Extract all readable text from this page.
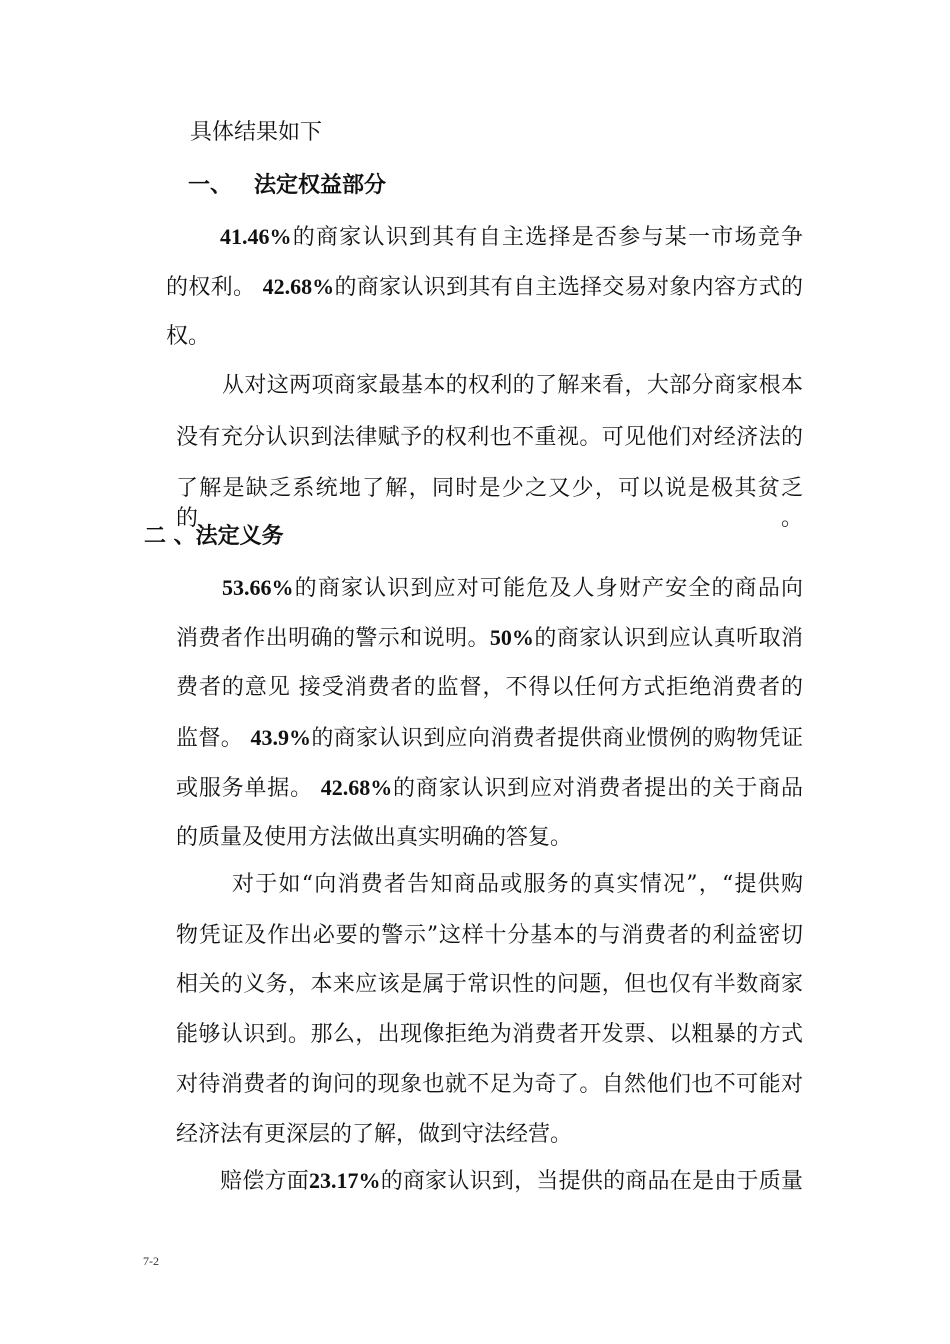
具体结果如下
一、 法定权益部分
41.46%的商家认识到其有自主选择是否参与某一市场竞争
的权利。 42.68%的商家认识到其有自主选择交易对象内容方式的
权。
从对这两项商家最基本的权利的了解来看，大部分商家根本
没有充分认识到法律赋予的权利也不重视。可见他们对经济法的
了解是缺乏系统地了解，同时是少之又少，可以说是极其贫乏的。
二 、法定义务
53.66%的商家认识到应对可能危及人身财产安全的商品向
消费者作出明确的警示和说明。50%的商家认识到应认真听取消
费者的意见 接受消费者的监督，不得以任何方式拒绝消费者的
监督。 43.9%的商家认识到应向消费者提供商业惯例的购物凭证
或服务单据。 42.68%的商家认识到应对消费者提出的关于商品
的质量及使用方法做出真实明确的答复。
对于如“向消费者告知商品或服务的真实情况”，“提供购
物凭证及作出必要的警示”这样十分基本的与消费者的利益密切
相关的义务，本来应该是属于常识性的问题，但也仅有半数商家
能够认识到。那么，出现像拒绝为消费者开发票、以粗暴的方式
对待消费者的询问的现象也就不足为奇了。自然他们也不可能对
经济法有更深层的了解，做到守法经营。
赔偿方面23.17%的商家认识到，当提供的商品在是由于质量
7-2
